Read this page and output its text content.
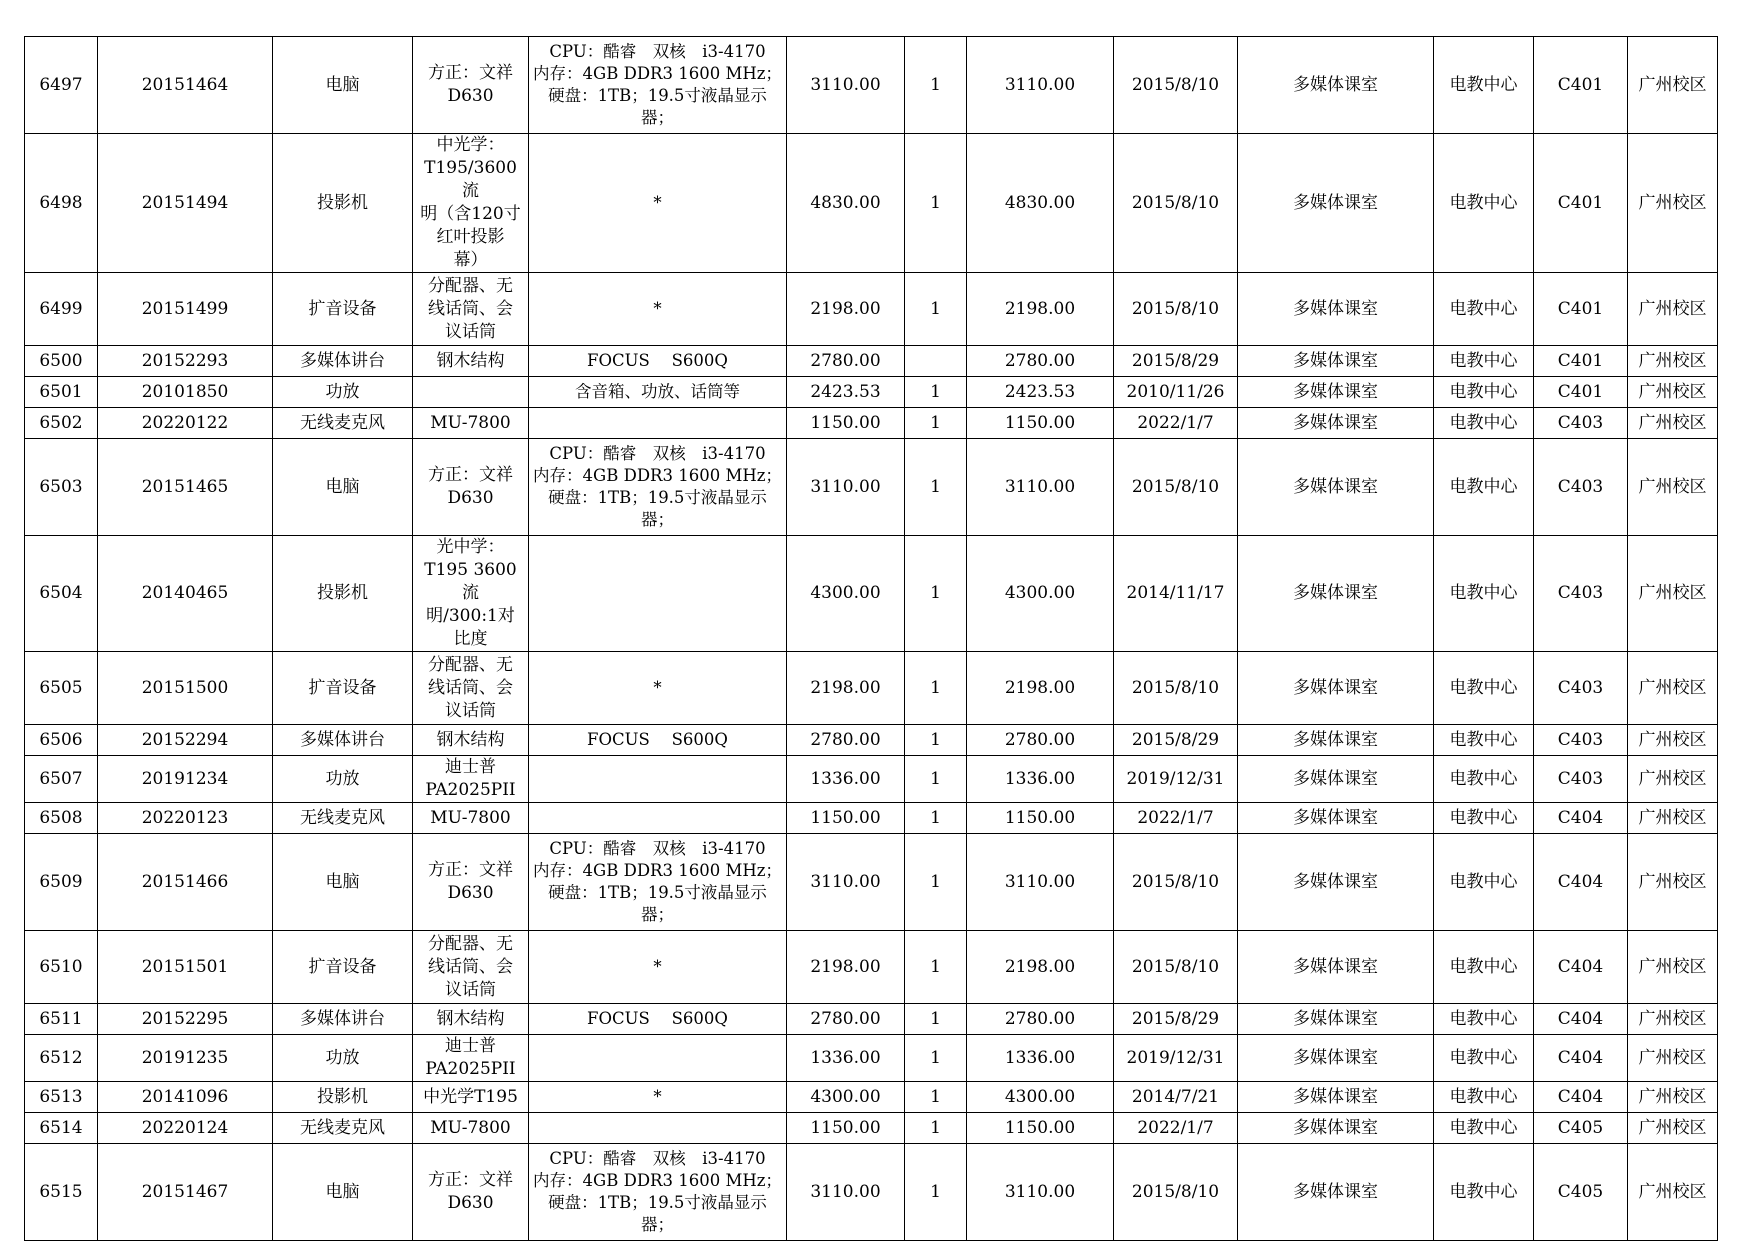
6497	20151464	电脑	方正：文祥
D630	CPU：酷睿　双核　i3-4170
内存：4GB DDR3 1600 MHz；
硬盘：1TB；19.5寸液晶显示
器；	3110.00	1	3110.00	2015/8/10	多媒体课室	电教中心	C401	广州校区
6498	20151494	投影机	中光学：
T195/3600流
明（含120寸
红叶投影
幕）	*	4830.00	1	4830.00	2015/8/10	多媒体课室	电教中心	C401	广州校区
6499	20151499	扩音设备	分配器、无
线话筒、会
议话筒	*	2198.00	1	2198.00	2015/8/10	多媒体课室	电教中心	C401	广州校区
6500	20152293	多媒体讲台	钢木结构	FOCUS　 S600Q	2780.00		2780.00	2015/8/29	多媒体课室	电教中心	C401	广州校区
6501	20101850	功放		含音箱、功放、话筒等	2423.53	1	2423.53	2010/11/26	多媒体课室	电教中心	C401	广州校区
6502	20220122	无线麦克风	MU-7800		1150.00	1	1150.00	2022/1/7	多媒体课室	电教中心	C403	广州校区
6503	20151465	电脑	方正：文祥
D630	CPU：酷睿　双核　i3-4170
内存：4GB DDR3 1600 MHz；
硬盘：1TB；19.5寸液晶显示
器；	3110.00	1	3110.00	2015/8/10	多媒体课室	电教中心	C403	广州校区
6504	20140465	投影机	光中学：
T195 3600流
明/300:1对
比度		4300.00	1	4300.00	2014/11/17	多媒体课室	电教中心	C403	广州校区
6505	20151500	扩音设备	分配器、无
线话筒、会
议话筒	*	2198.00	1	2198.00	2015/8/10	多媒体课室	电教中心	C403	广州校区
6506	20152294	多媒体讲台	钢木结构	FOCUS　 S600Q	2780.00	1	2780.00	2015/8/29	多媒体课室	电教中心	C403	广州校区
6507	20191234	功放	迪士普
PA2025PII		1336.00	1	1336.00	2019/12/31	多媒体课室	电教中心	C403	广州校区
6508	20220123	无线麦克风	MU-7800		1150.00	1	1150.00	2022/1/7	多媒体课室	电教中心	C404	广州校区
6509	20151466	电脑	方正：文祥
D630	CPU：酷睿　双核　i3-4170
内存：4GB DDR3 1600 MHz；
硬盘：1TB；19.5寸液晶显示
器；	3110.00	1	3110.00	2015/8/10	多媒体课室	电教中心	C404	广州校区
6510	20151501	扩音设备	分配器、无
线话筒、会
议话筒	*	2198.00	1	2198.00	2015/8/10	多媒体课室	电教中心	C404	广州校区
6511	20152295	多媒体讲台	钢木结构	FOCUS　 S600Q	2780.00	1	2780.00	2015/8/29	多媒体课室	电教中心	C404	广州校区
6512	20191235	功放	迪士普
PA2025PII		1336.00	1	1336.00	2019/12/31	多媒体课室	电教中心	C404	广州校区
6513	20141096	投影机	中光学T195	*	4300.00	1	4300.00	2014/7/21	多媒体课室	电教中心	C404	广州校区
6514	20220124	无线麦克风	MU-7800		1150.00	1	1150.00	2022/1/7	多媒体课室	电教中心	C405	广州校区
6515	20151467	电脑	方正：文祥
D630	CPU：酷睿　双核　i3-4170
内存：4GB DDR3 1600 MHz；
硬盘：1TB；19.5寸液晶显示
器；	3110.00	1	3110.00	2015/8/10	多媒体课室	电教中心	C405	广州校区
